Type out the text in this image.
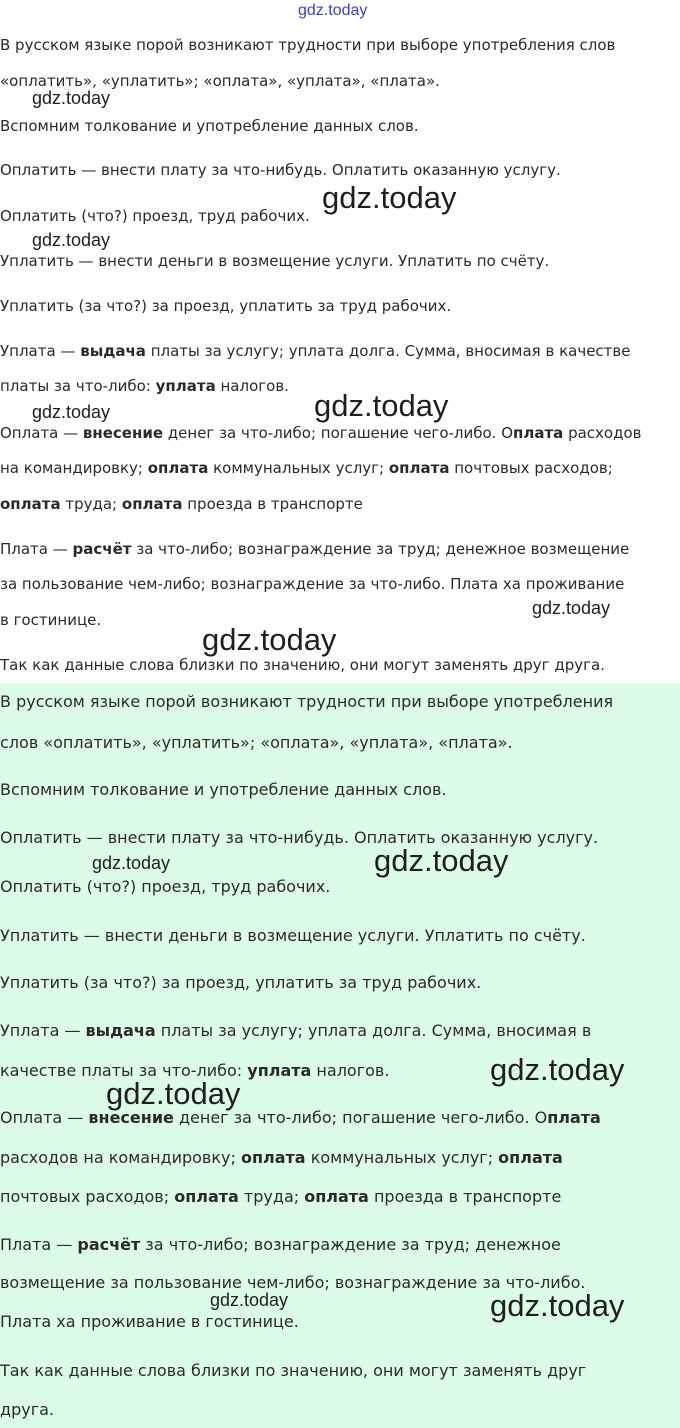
В русском языке порой возникают трудности при выборе употребления слов
«оплатить», «уплатить»; «оплата», «уплата», «плата».
Вспомним толкование и употребление данных слов.
Оплатить — внести плату за что-нибудь. Оплатить оказанную услугу.
Оплатить (что?) проезд, труд рабочих.
Уплатить — внести деньги в возмещение услуги. Уплатить по счёту.
Уплатить (за что?) за проезд, уплатить за труд рабочих.
Уплата — выдача платы за услугу; уплата долга. Сумма, вносимая в качестве
платы за что-либо: уплата налогов.
Оплата — внесение денег за что-либо; погашение чего-либо. Оплата расходов
на командировку; оплата коммунальных услуг; оплата почтовых расходов;
оплата труда; оплата проезда в транспорте
Плата — расчёт за что-либо; вознаграждение за труд; денежное возмещение
за пользование чем-либо; вознаграждение за что-либо. Плата ха проживание
в гостинице.
Так как данные слова близки по значению, они могут заменять друг друга.
В русском языке порой возникают трудности при выборе употребления
слов «оплатить», «уплатить»; «оплата», «уплата», «плата».
Вспомним толкование и употребление данных слов.
Оплатить — внести плату за что-нибудь. Оплатить оказанную услугу.
Оплатить (что?) проезд, труд рабочих.
Уплатить — внести деньги в возмещение услуги. Уплатить по счёту.
Уплатить (за что?) за проезд, уплатить за труд рабочих.
Уплата — выдача платы за услугу; уплата долга. Сумма, вносимая в
качестве платы за что-либо: уплата налогов.
Оплата — внесение денег за что-либо; погашение чего-либо. Оплата
расходов на командировку; оплата коммунальных услуг; оплата
почтовых расходов; оплата труда; оплата проезда в транспорте
Плата — расчёт за что-либо; вознаграждение за труд; денежное
возмещение за пользование чем-либо; вознаграждение за что-либо.
Плата ха проживание в гостинице.
Так как данные слова близки по значению, они могут заменять друг
друга.
gdz.today
gdz.today
gdz.today
gdz.today
gdz.today	gdz.today
gdz.today
gdz.today
gdz.today	gdz.today
gdz.today
gdz.today
gdz.today	gdz.today
